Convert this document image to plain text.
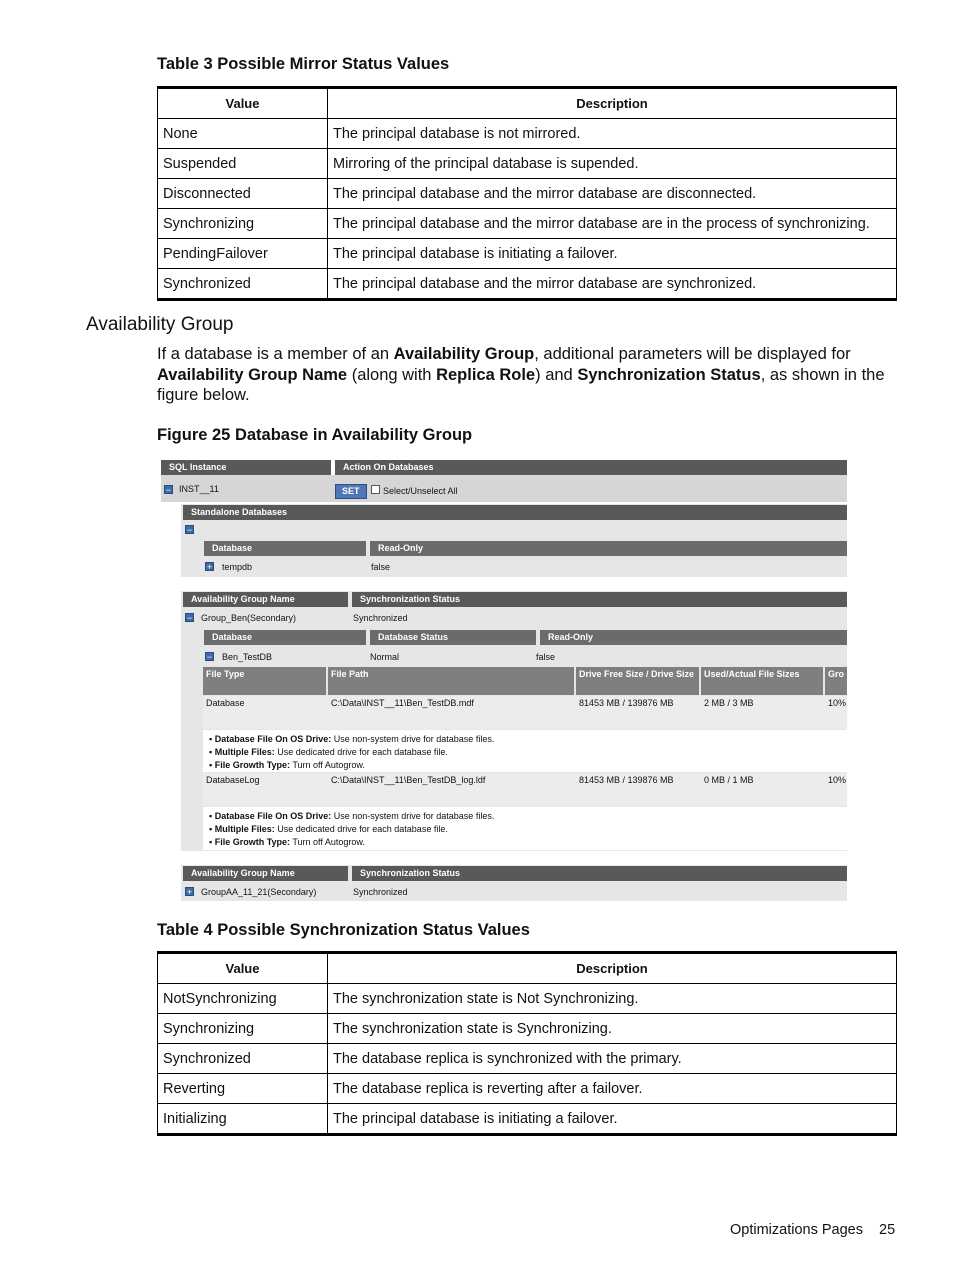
Table 3 Possible Mirror Status Values
Value	Description
None	The principal database is not mirrored.
Suspended	Mirroring of the principal database is supended.
Disconnected	The principal database and the mirror database are disconnected.
Synchronizing	The principal database and the mirror database are in the process of synchronizing.
PendingFailover	The principal database is initiating a failover.
Synchronized	The principal database and the mirror database are synchronized.
Availability Group
If a database is a member of an Availability Group, additional parameters will be displayed for Availability Group Name (along with Replica Role) and Synchronization Status, as shown in the figure below.
Figure 25 Database in Availability Group
SQL Instance	Action On Databases
− INST__11	SET	Select/Unselect All
Standalone Databases
−
Database	Read-Only
+ tempdb	false
Availability Group Name	Synchronization Status
− Group_Ben(Secondary)	Synchronized
Database	Database Status	Read-Only
− Ben_TestDB	Normal	false
File Type	File Path	Drive Free Size / Drive Size	Used/Actual File Sizes	Gro
Database	C:\Data\INST__11\Ben_TestDB.mdf	81453 MB / 139876 MB	2 MB / 3 MB	10%
▪ Database File On OS Drive: Use non-system drive for database files.
▪ Multiple Files: Use dedicated drive for each database file.
▪ File Growth Type: Turn off Autogrow.
DatabaseLog	C:\Data\INST__11\Ben_TestDB_log.ldf	81453 MB / 139876 MB	0 MB / 1 MB	10%
▪ Database File On OS Drive: Use non-system drive for database files.
▪ Multiple Files: Use dedicated drive for each database file.
▪ File Growth Type: Turn off Autogrow.
Availability Group Name	Synchronization Status
+ GroupAA_11_21(Secondary)	Synchronized
Table 4 Possible Synchronization Status Values
Value	Description
NotSynchronizing	The synchronization state is Not Synchronizing.
Synchronizing	The synchronization state is Synchronizing.
Synchronized	The database replica is synchronized with the primary.
Reverting	The database replica is reverting after a failover.
Initializing	The principal database is initiating a failover.
Optimizations Pages 25
